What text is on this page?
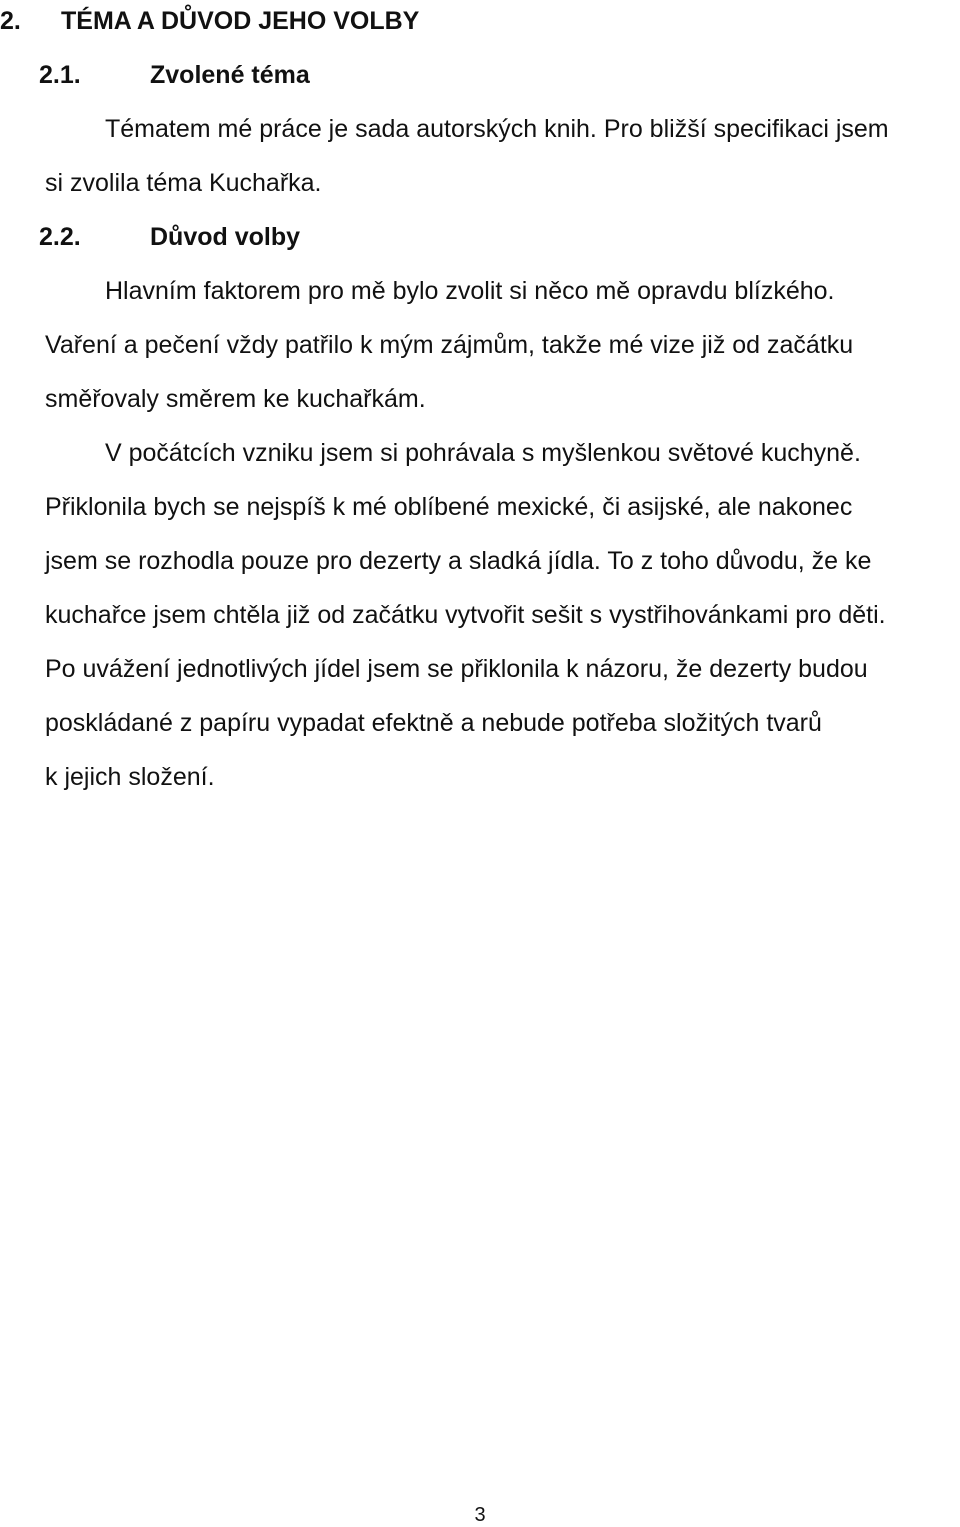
2. TÉMA A DŮVOD JEHO VOLBY
2.1.	Zvolené téma

Tématem mé práce je sada autorských knih. Pro bližší specifikaci jsem

si zvolila téma Kuchařka.

2.2.	Důvod volby

Hlavním faktorem pro mě bylo zvolit si něco mě opravdu blízkého.

Vaření a pečení vždy patřilo k mým zájmům, takže mé vize již od začátku

směřovaly směrem ke kuchařkám.

V počátcích vzniku jsem si pohrávala s myšlenkou světové kuchyně.

Přiklonila bych se nejspíš k mé oblíbené mexické, či asijské, ale nakonec

jsem se rozhodla pouze pro dezerty a sladká jídla. To z toho důvodu, že ke

kuchařce jsem chtěla již od začátku vytvořit sešit s vystřihovánkami pro děti.

Po uvážení jednotlivých jídel jsem se přiklonila k názoru, že dezerty budou

poskládané z papíru vypadat efektně a nebude potřeba složitých tvarů

k jejich složení.

3
